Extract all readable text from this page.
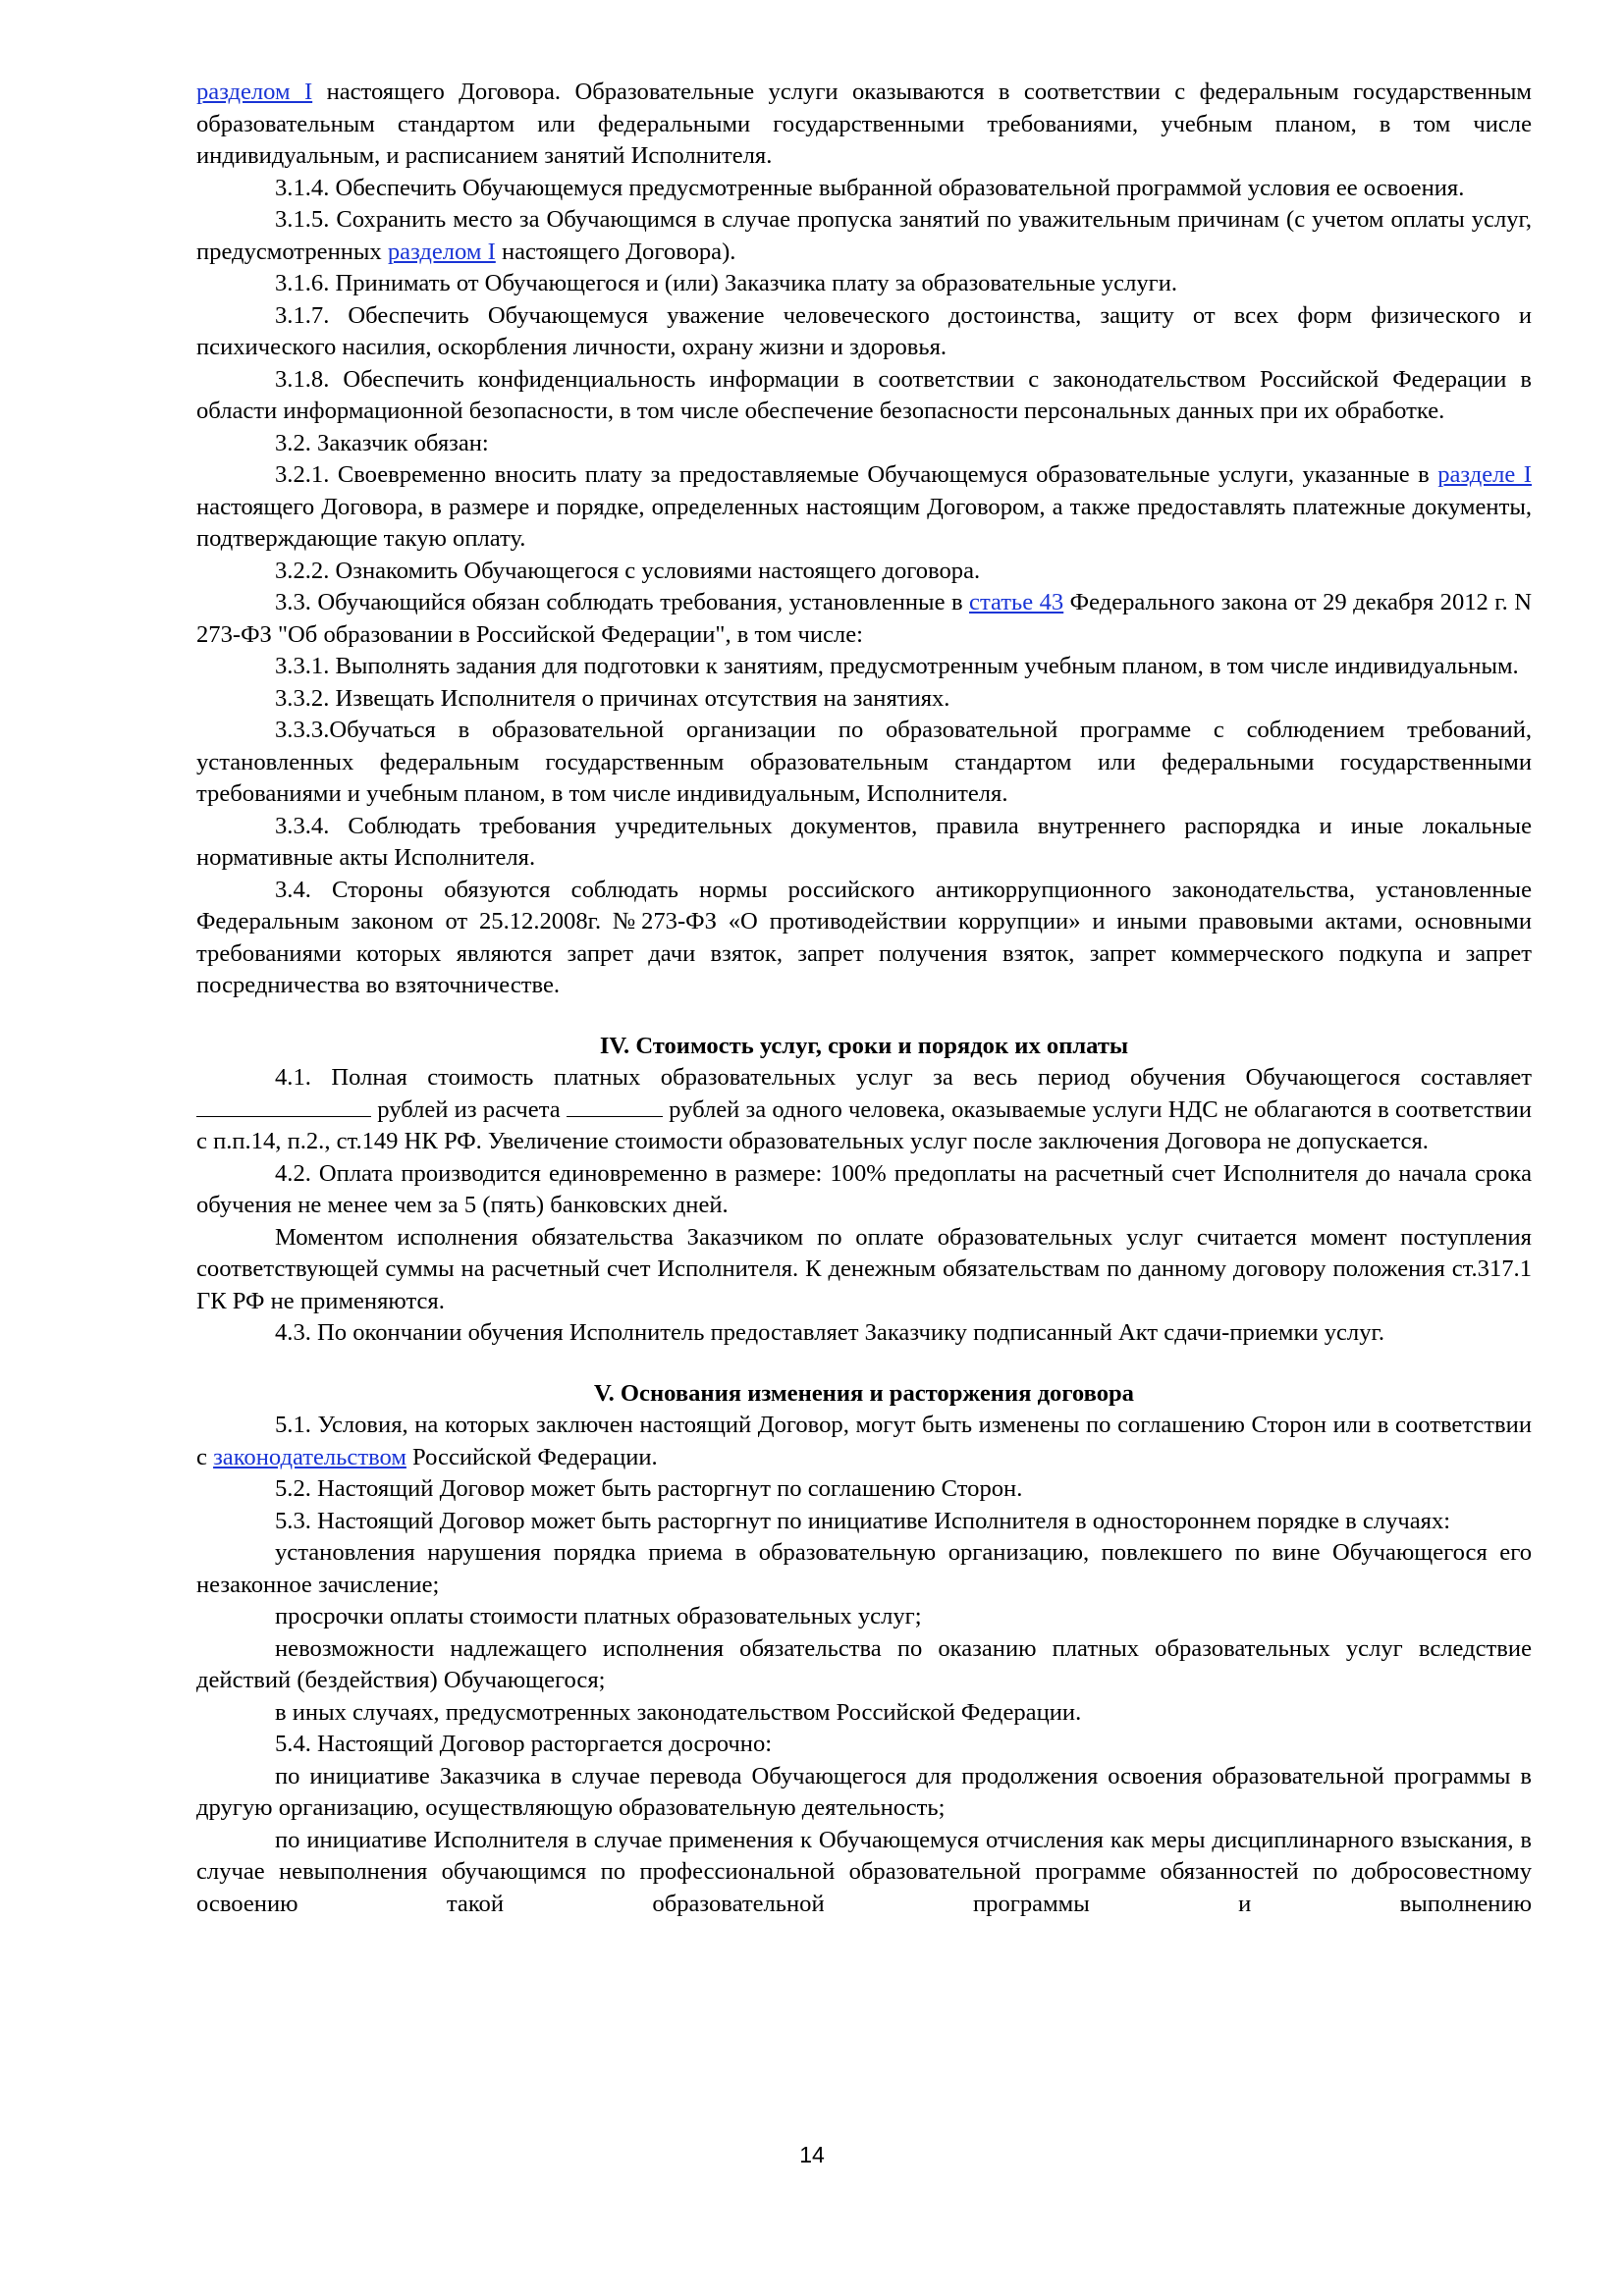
разделом I настоящего Договора. Образовательные услуги оказываются в соответствии с федеральным государственным образовательным стандартом или федеральными государственными требованиями, учебным планом, в том числе индивидуальным, и расписанием занятий Исполнителя.

3.1.4. Обеспечить Обучающемуся предусмотренные выбранной образовательной программой условия ее освоения.

3.1.5. Сохранить место за Обучающимся в случае пропуска занятий по уважительным причинам (с учетом оплаты услуг, предусмотренных разделом I настоящего Договора).

3.1.6. Принимать от Обучающегося и (или) Заказчика плату за образовательные услуги.

3.1.7. Обеспечить Обучающемуся уважение человеческого достоинства, защиту от всех форм физического и психического насилия, оскорбления личности, охрану жизни и здоровья.

3.1.8. Обеспечить конфиденциальность информации в соответствии с законодательством Российской Федерации в области информационной безопасности, в том числе обеспечение безопасности персональных данных при их обработке.

3.2. Заказчик обязан:

3.2.1. Своевременно вносить плату за предоставляемые Обучающемуся образовательные услуги, указанные в разделе I настоящего Договора, в размере и порядке, определенных настоящим Договором, а также предоставлять платежные документы, подтверждающие такую оплату.

3.2.2. Ознакомить Обучающегося с условиями настоящего договора.

3.3. Обучающийся обязан соблюдать требования, установленные в статье 43 Федерального закона от 29 декабря 2012 г. N 273-ФЗ "Об образовании в Российской Федерации", в том числе:

3.3.1. Выполнять задания для подготовки к занятиям, предусмотренным учебным планом, в том числе индивидуальным.

3.3.2. Извещать Исполнителя о причинах отсутствия на занятиях.

3.3.3.Обучаться в образовательной организации по образовательной программе с соблюдением требований, установленных федеральным государственным образовательным стандартом или федеральными государственными требованиями и учебным планом, в том числе индивидуальным, Исполнителя.

3.3.4. Соблюдать требования учредительных документов, правила внутреннего распорядка и иные локальные нормативные акты Исполнителя.

3.4. Стороны обязуются соблюдать нормы российского антикоррупционного законодательства, установленные Федеральным законом от 25.12.2008г. №273-ФЗ «О противодействии коррупции» и иными правовыми актами, основными требованиями которых являются запрет дачи взяток, запрет получения взяток, запрет коммерческого подкупа и запрет посредничества во взяточничестве.

IV. Стоимость услуг, сроки и порядок их оплаты

4.1. Полная стоимость платных образовательных услуг за весь период обучения Обучающегося составляет  рублей из расчета	рублей за одного человека, оказываемые услуги НДС не облагаются в соответствии с п.п.14, п.2., ст.149 НК РФ. Увеличение стоимости образовательных услуг после заключения Договора не допускается.

4.2. Оплата производится единовременно в размере: 100% предоплаты на расчетный счет Исполнителя до начала срока обучения не менее чем за 5 (пять) банковских дней.

Моментом исполнения обязательства Заказчиком по оплате образовательных услуг считается момент поступления соответствующей суммы на расчетный счет Исполнителя. К денежным обязательствам по данному договору положения ст.317.1 ГК РФ не применяются.

4.3. По окончании обучения Исполнитель предоставляет Заказчику подписанный Акт сдачи-приемки услуг.

V. Основания изменения и расторжения договора

5.1. Условия, на которых заключен настоящий Договор, могут быть изменены по соглашению Сторон или в соответствии с законодательством Российской Федерации.

5.2. Настоящий Договор может быть расторгнут по соглашению Сторон.

5.3. Настоящий Договор может быть расторгнут по инициативе Исполнителя в одностороннем порядке в случаях:

установления нарушения порядка приема в образовательную организацию, повлекшего по вине Обучающегося его незаконное зачисление;

просрочки оплаты стоимости платных образовательных услуг;

невозможности надлежащего исполнения обязательства по оказанию платных образовательных услуг вследствие действий (бездействия) Обучающегося;

в иных случаях, предусмотренных законодательством Российской Федерации.

5.4. Настоящий Договор расторгается досрочно:

по инициативе Заказчика в случае перевода Обучающегося для продолжения освоения образовательной программы в другую организацию, осуществляющую образовательную деятельность;

по инициативе Исполнителя в случае применения к Обучающемуся отчисления как меры дисциплинарного взыскания, в случае невыполнения обучающимся по профессиональной образовательной программе обязанностей по добросовестному освоению такой образовательной программы и выполнению

14
